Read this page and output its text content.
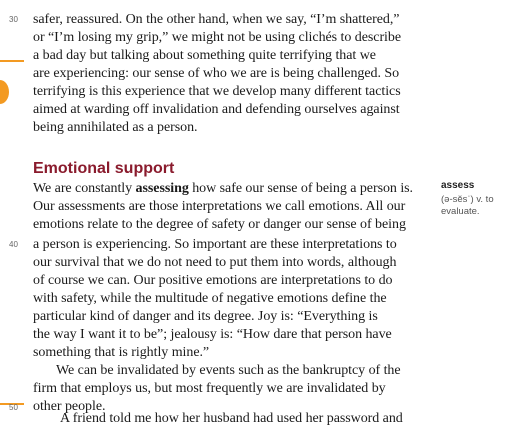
30
40
50
safer, reassured. On the other hand, when we say, “I’m shattered,”
or “I’m losing my grip,” we might not be using clichés to describe
a bad day but talking about something quite terrifying that we
are experiencing: our sense of who we are is being challenged. So
terrifying is this experience that we develop many different tactics
aimed at warding off invalidation and defending ourselves against
being annihilated as a person.
Emotional support
We are constantly assessing how safe our sense of being a person is.
Our assessments are those interpretations we call emotions. All our
emotions relate to the degree of safety or danger our sense of being
a person is experiencing. So important are these interpretations to
our survival that we do not need to put them into words, although
of course we can. Our positive emotions are interpretations to do
with safety, while the multitude of negative emotions define the
particular kind of danger and its degree. Joy is: “Everything is
the way I want it to be”; jealousy is: “How dare that person have
something that is rightly mine.”
We can be invalidated by events such as the bankruptcy of the
firm that employs us, but most frequently we are invalidated by
other people.
A friend told me how her husband had used her password and
assess
(ə-sĕsˈ) v. to evaluate.
